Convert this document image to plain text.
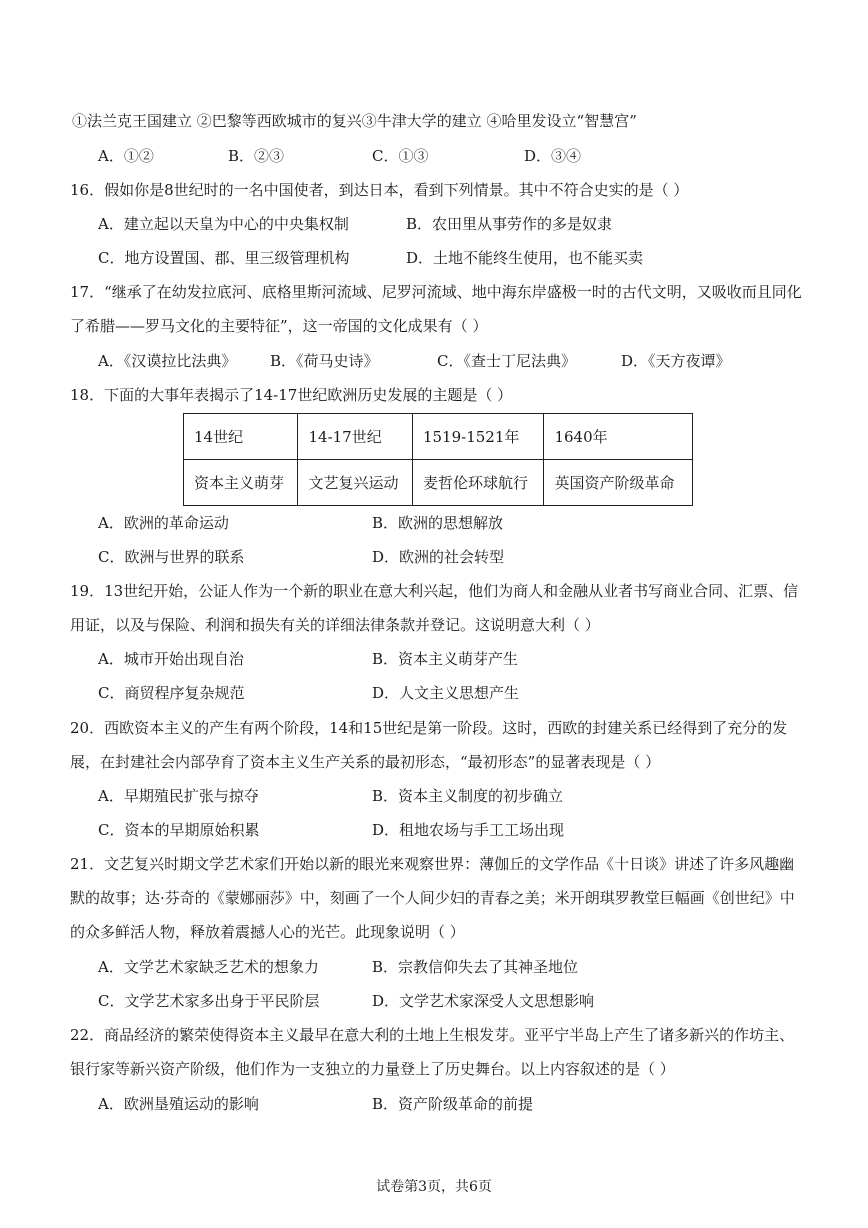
①法兰克王国建立 ②巴黎等西欧城市的复兴③牛津大学的建立 ④哈里发设立“智慧宫”
A．①②	B．②③	C．①③	D．③④
16．假如你是8世纪时的一名中国使者，到达日本，看到下列情景。其中不符合史实的是（ ）
A．建立起以天皇为中心的中央集权制	B．农田里从事劳作的多是奴隶
C．地方设置国、郡、里三级管理机构	D．土地不能终生使用，也不能买卖
17．“继承了在幼发拉底河、底格里斯河流域、尼罗河流域、地中海东岸盛极一时的古代文明，又吸收而且同化
了希腊——罗马文化的主要特征”，这一帝国的文化成果有（ ）
A．《汉谟拉比法典》 B．《荷马史诗》	C．《查士丁尼法典》	D．《天方夜谭》
18．下面的大事年表揭示了14-17世纪欧洲历史发展的主题是（ ）
14世纪	14-17世纪	1519-1521年	1640年
资本主义萌芽	文艺复兴运动	麦哲伦环球航行	英国资产阶级革命
A．欧洲的革命运动	B．欧洲的思想解放
C．欧洲与世界的联系	D．欧洲的社会转型
19．13世纪开始，公证人作为一个新的职业在意大利兴起，他们为商人和金融从业者书写商业合同、汇票、信
用证，以及与保险、利润和损失有关的详细法律条款并登记。这说明意大利（ ）
A．城市开始出现自治	B．资本主义萌芽产生
C．商贸程序复杂规范	D．人文主义思想产生
20．西欧资本主义的产生有两个阶段，14和15世纪是第一阶段。这时，西欧的封建关系已经得到了充分的发
展，在封建社会内部孕育了资本主义生产关系的最初形态，“最初形态”的显著表现是（ ）
A．早期殖民扩张与掠夺	B．资本主义制度的初步确立
C．资本的早期原始积累	D．租地农场与手工工场出现
21．文艺复兴时期文学艺术家们开始以新的眼光来观察世界：薄伽丘的文学作品《十日谈》讲述了许多风趣幽
默的故事；达·芬奇的《蒙娜丽莎》中，刻画了一个人间少妇的青春之美；米开朗琪罗教堂巨幅画《创世纪》中
的众多鲜活人物，释放着震撼人心的光芒。此现象说明（ ）
A．文学艺术家缺乏艺术的想象力	B．宗教信仰失去了其神圣地位
C．文学艺术家多出身于平民阶层	D．文学艺术家深受人文思想影响
22．商品经济的繁荣使得资本主义最早在意大利的土地上生根发芽。亚平宁半岛上产生了诸多新兴的作坊主、
银行家等新兴资产阶级，他们作为一支独立的力量登上了历史舞台。以上内容叙述的是（ ）
A．欧洲垦殖运动的影响	B．资产阶级革命的前提
试卷第3页，共6页
